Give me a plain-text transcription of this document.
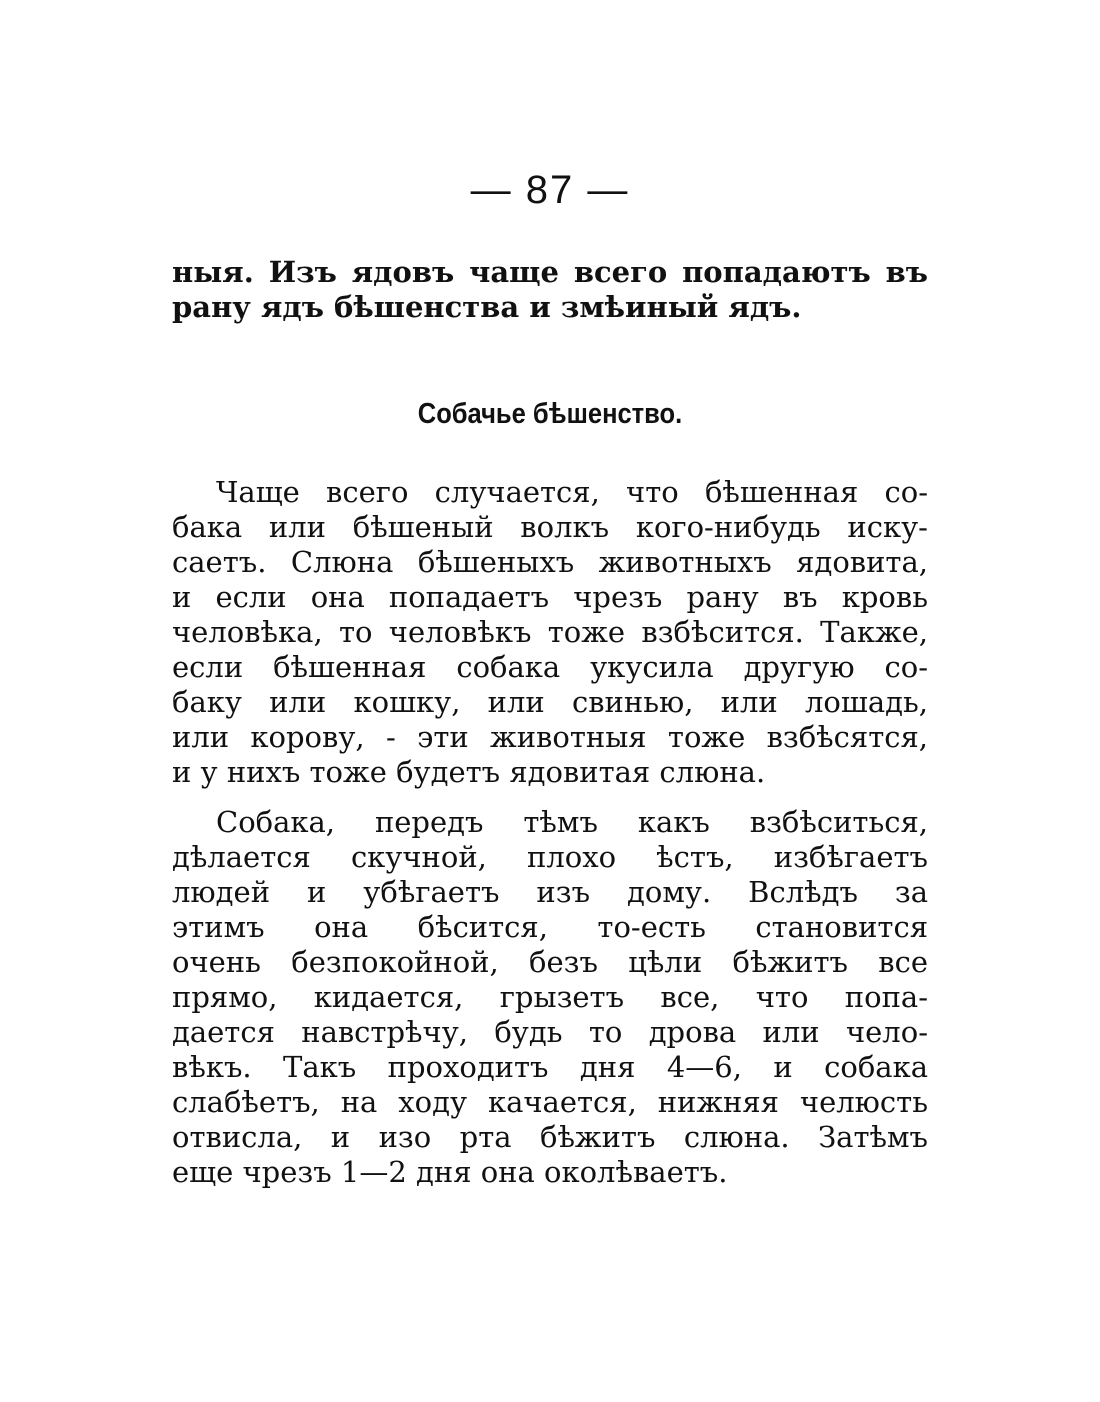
— 87 —
ныя. Изъ ядовъ чаще всего попадаютъ въ
рану ядъ бѣшенства и змѣиный ядъ.
Собачье бѣшенство.
Чаще всего случается, что бѣшенная со-
бака или бѣшеный волкъ кого-нибудь иску-
саетъ. Слюна бѣшеныхъ животныхъ ядовита,
и если она попадаетъ чрезъ рану въ кровь
человѣка, то человѣкъ тоже взбѣсится. Также,
если бѣшенная собака укусила другую со-
баку или кошку, или свинью, или лошадь,
или корову, - эти животныя тоже взбѣсятся,
и у нихъ тоже будетъ ядовитая слюна.
Собака, передъ тѣмъ какъ взбѣситься,
дѣлается скучной, плохо ѣстъ, избѣгаетъ
людей и убѣгаетъ изъ дому. Вслѣдъ за
этимъ она бѣсится, то-есть становится
очень безпокойной, безъ цѣли бѣжитъ все
прямо, кидается, грызетъ все, что попа-
дается навстрѣчу, будь то дрова или чело-
вѣкъ. Такъ проходитъ дня 4—6, и собака
слабѣетъ, на ходу качается, нижняя челюсть
отвисла, и изо рта бѣжитъ слюна. Затѣмъ
еще чрезъ 1—2 дня она околѣваетъ.
